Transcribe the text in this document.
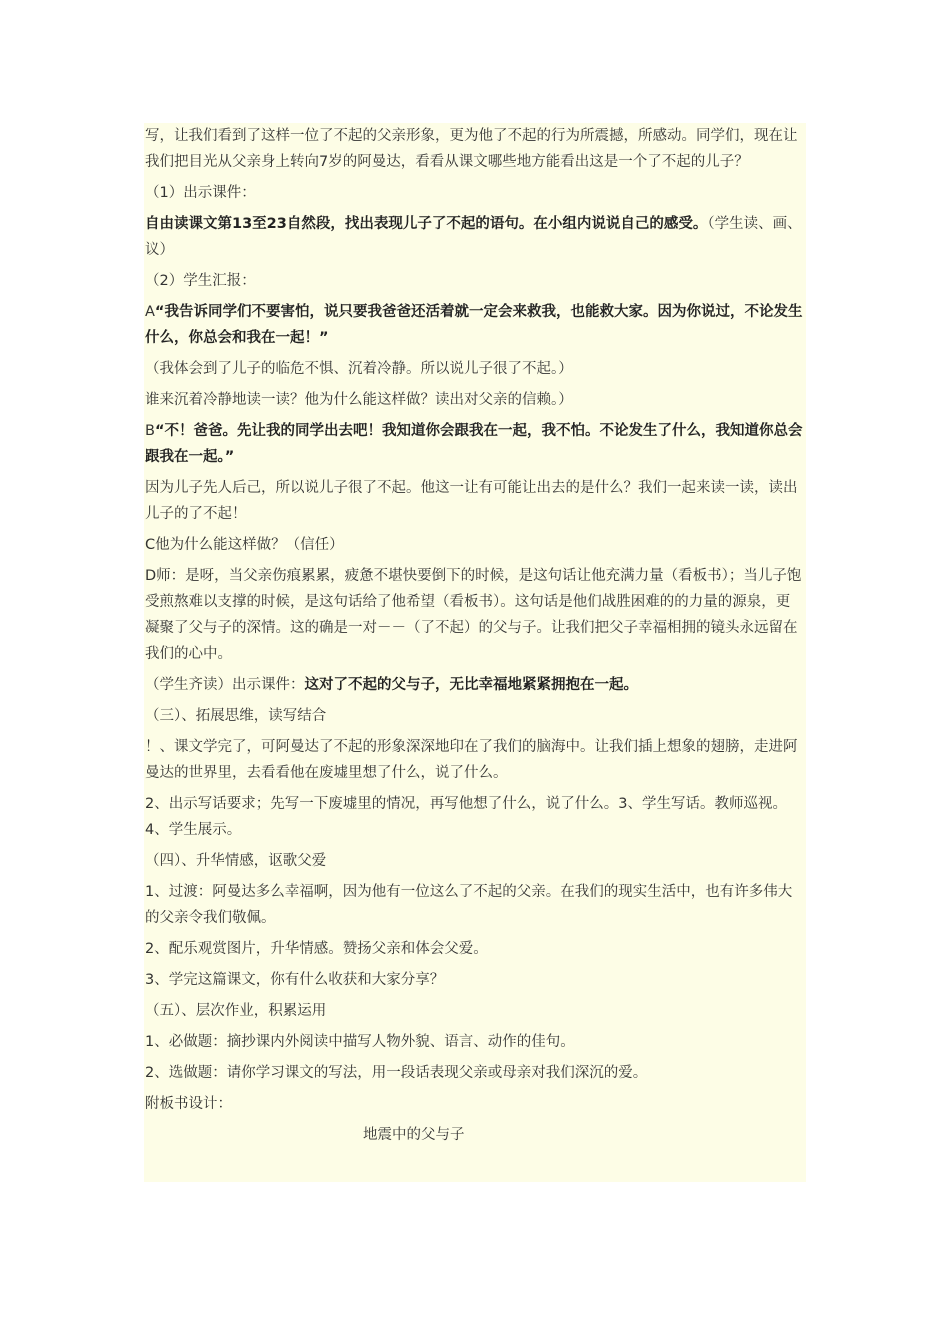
写，让我们看到了这样一位了不起的父亲形象，更为他了不起的行为所震撼，所感动。同学们，现在让我们把目光从父亲身上转向7岁的阿曼达，看看从课文哪些地方能看出这是一个了不起的儿子？

（1）出示课件：

自由读课文第13至23自然段，找出表现儿子了不起的语句。在小组内说说自己的感受。（学生读、画、议）

（2）学生汇报：

A“我告诉同学们不要害怕，说只要我爸爸还活着就一定会来救我，也能救大家。因为你说过，不论发生什么，你总会和我在一起！”

（我体会到了儿子的临危不惧、沉着冷静。所以说儿子很了不起。）

谁来沉着冷静地读一读？他为什么能这样做？读出对父亲的信赖。）

B“不！爸爸。先让我的同学出去吧！我知道你会跟我在一起，我不怕。不论发生了什么，我知道你总会跟我在一起。”

因为儿子先人后己，所以说儿子很了不起。他这一让有可能让出去的是什么？我们一起来读一读，读出儿子的了不起！

C他为什么能这样做？（信任）

D师：是呀，当父亲伤痕累累，疲惫不堪快要倒下的时候，是这句话让他充满力量（看板书）；当儿子饱受煎熬难以支撑的时候，是这句话给了他希望（看板书）。这句话是他们战胜困难的的力量的源泉，更凝聚了父与子的深情。这的确是一对－－（了不起）的父与子。让我们把父子幸福相拥的镜头永远留在我们的心中。

（学生齐读）出示课件：这对了不起的父与子，无比幸福地紧紧拥抱在一起。

（三）、拓展思维，读写结合

！、课文学完了，可阿曼达了不起的形象深深地印在了我们的脑海中。让我们插上想象的翅膀，走进阿曼达的世界里，去看看他在废墟里想了什么，说了什么。

2、出示写话要求；先写一下废墟里的情况，再写他想了什么，说了什么。3、学生写话。教师巡视。4、学生展示。

（四）、升华情感，讴歌父爱

1、过渡：阿曼达多么幸福啊，因为他有一位这么了不起的父亲。在我们的现实生活中，也有许多伟大的父亲令我们敬佩。

2、配乐观赏图片，升华情感。赞扬父亲和体会父爱。

3、学完这篇课文，你有什么收获和大家分享？

（五）、层次作业，积累运用

1、必做题：摘抄课内外阅读中描写人物外貌、语言、动作的佳句。

2、选做题：请你学习课文的写法，用一段话表现父亲或母亲对我们深沉的爱。

附板书设计：

地震中的父与子
